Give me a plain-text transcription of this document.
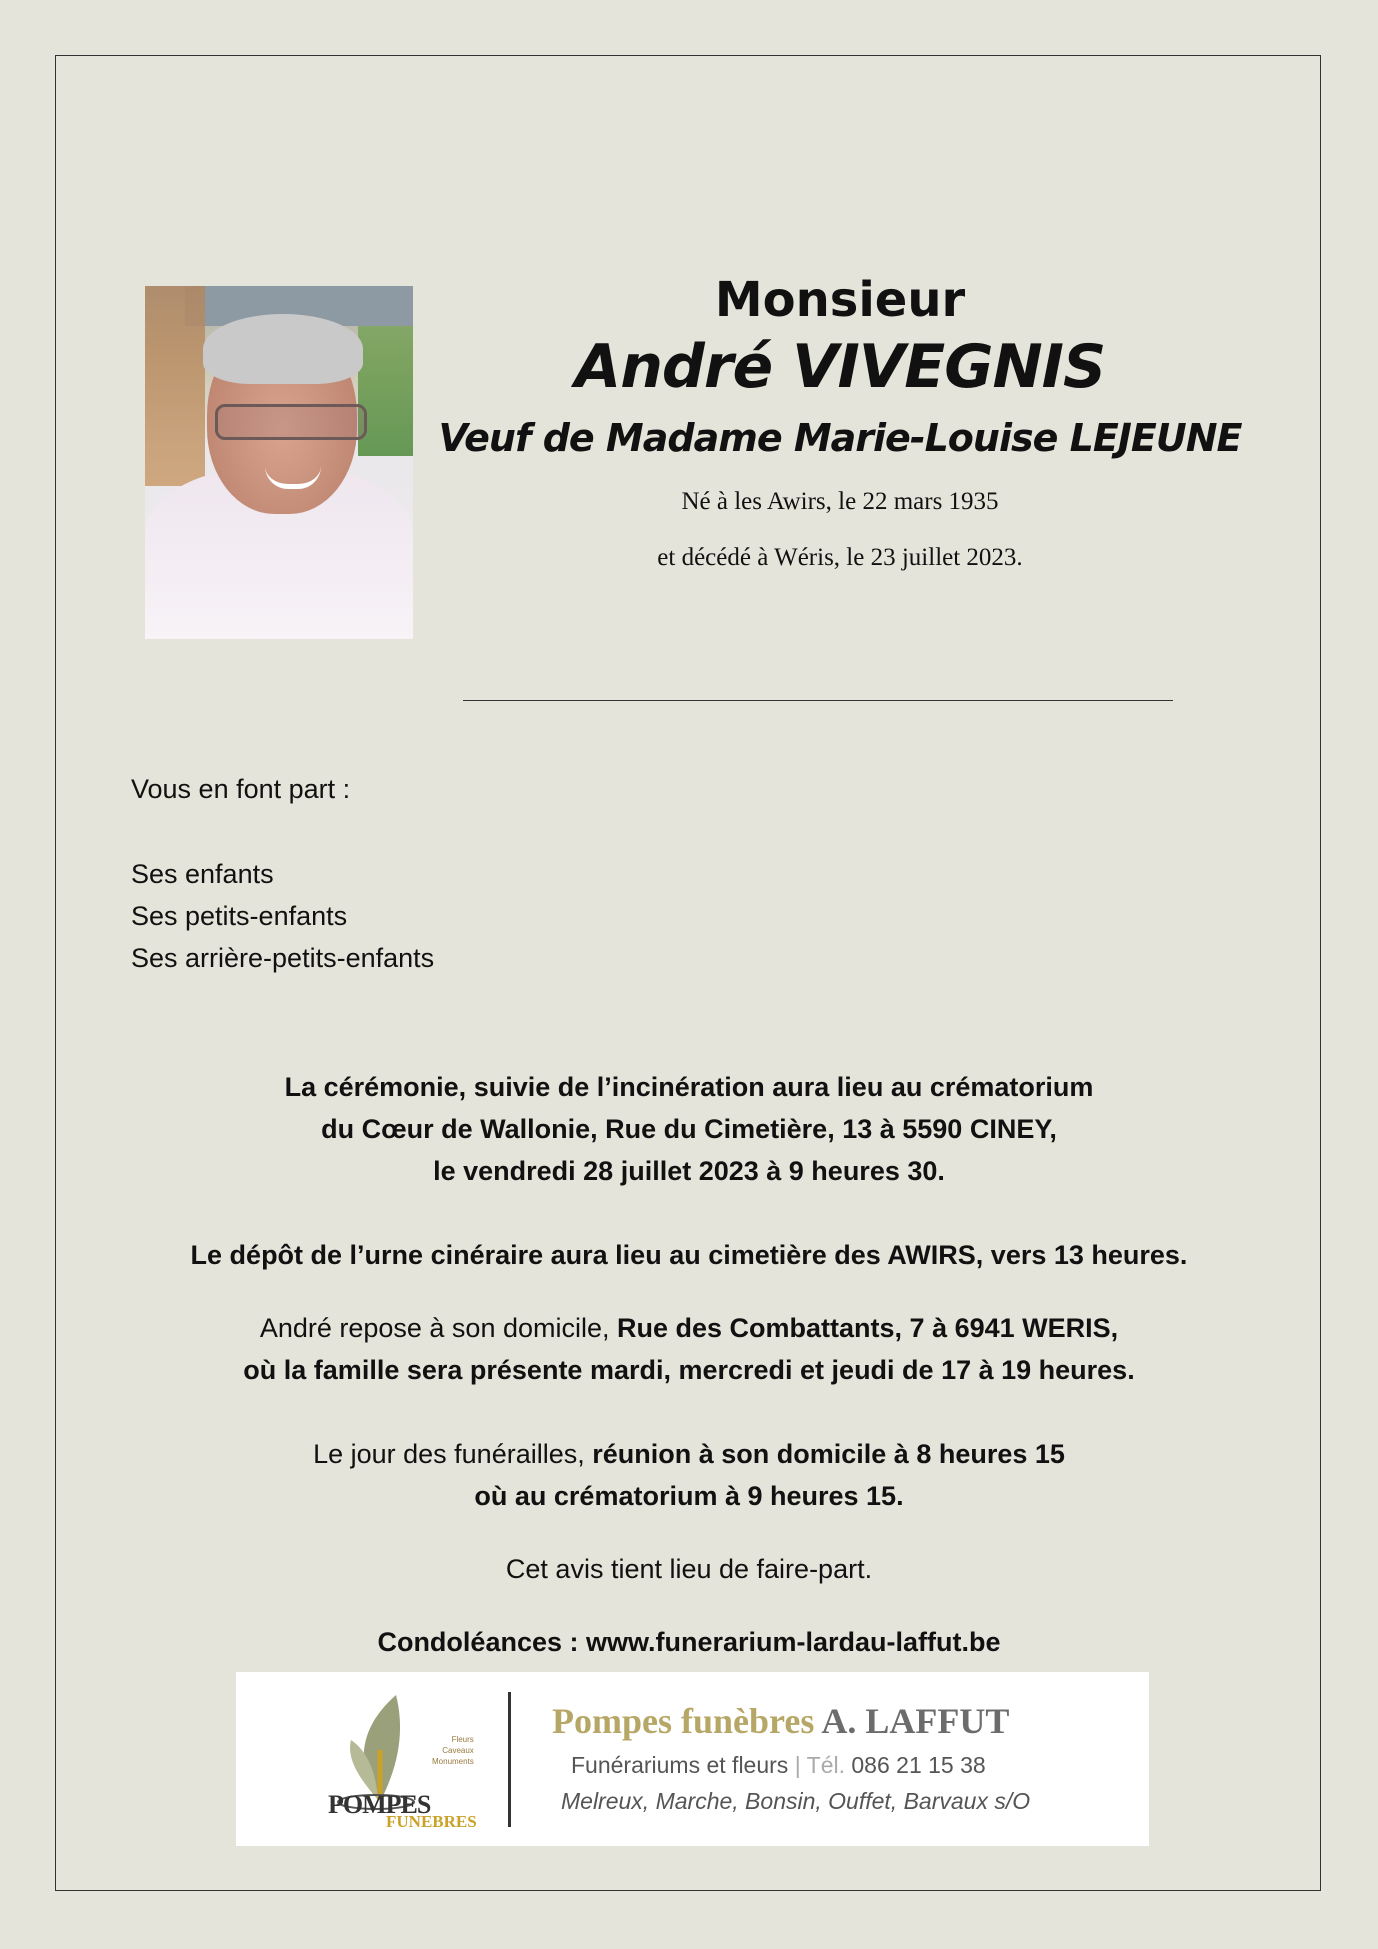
Monsieur
André VIVEGNIS
Veuf de Madame Marie-Louise LEJEUNE
Né à les Awirs, le 22 mars 1935
et décédé à Wéris, le 23 juillet 2023.
Vous en font part :
Ses enfants
Ses petits-enfants
Ses arrière-petits-enfants
La cérémonie, suivie de l’incinération aura lieu au crématorium
du Cœur de Wallonie, Rue du Cimetière, 13 à 5590 CINEY,
le vendredi 28 juillet 2023 à 9 heures 30.
Le dépôt de l’urne cinéraire aura lieu au cimetière des AWIRS, vers 13 heures.
André repose à son domicile, Rue des Combattants, 7 à 6941 WERIS,
où la famille sera présente mardi, mercredi et jeudi de 17 à 19 heures.
Le jour des funérailles, réunion à son domicile à 8 heures 15
où au crématorium à 9 heures 15.
Cet avis tient lieu de faire-part.
Condoléances : www.funerarium-lardau-laffut.be
Fleurs
Caveaux
Monuments
POMPES
FUNEBRES
Pompes funèbres A. LAFFUT
Funérariums et fleurs | Tél. 086 21 15 38
Melreux, Marche, Bonsin, Ouffet, Barvaux s/O
